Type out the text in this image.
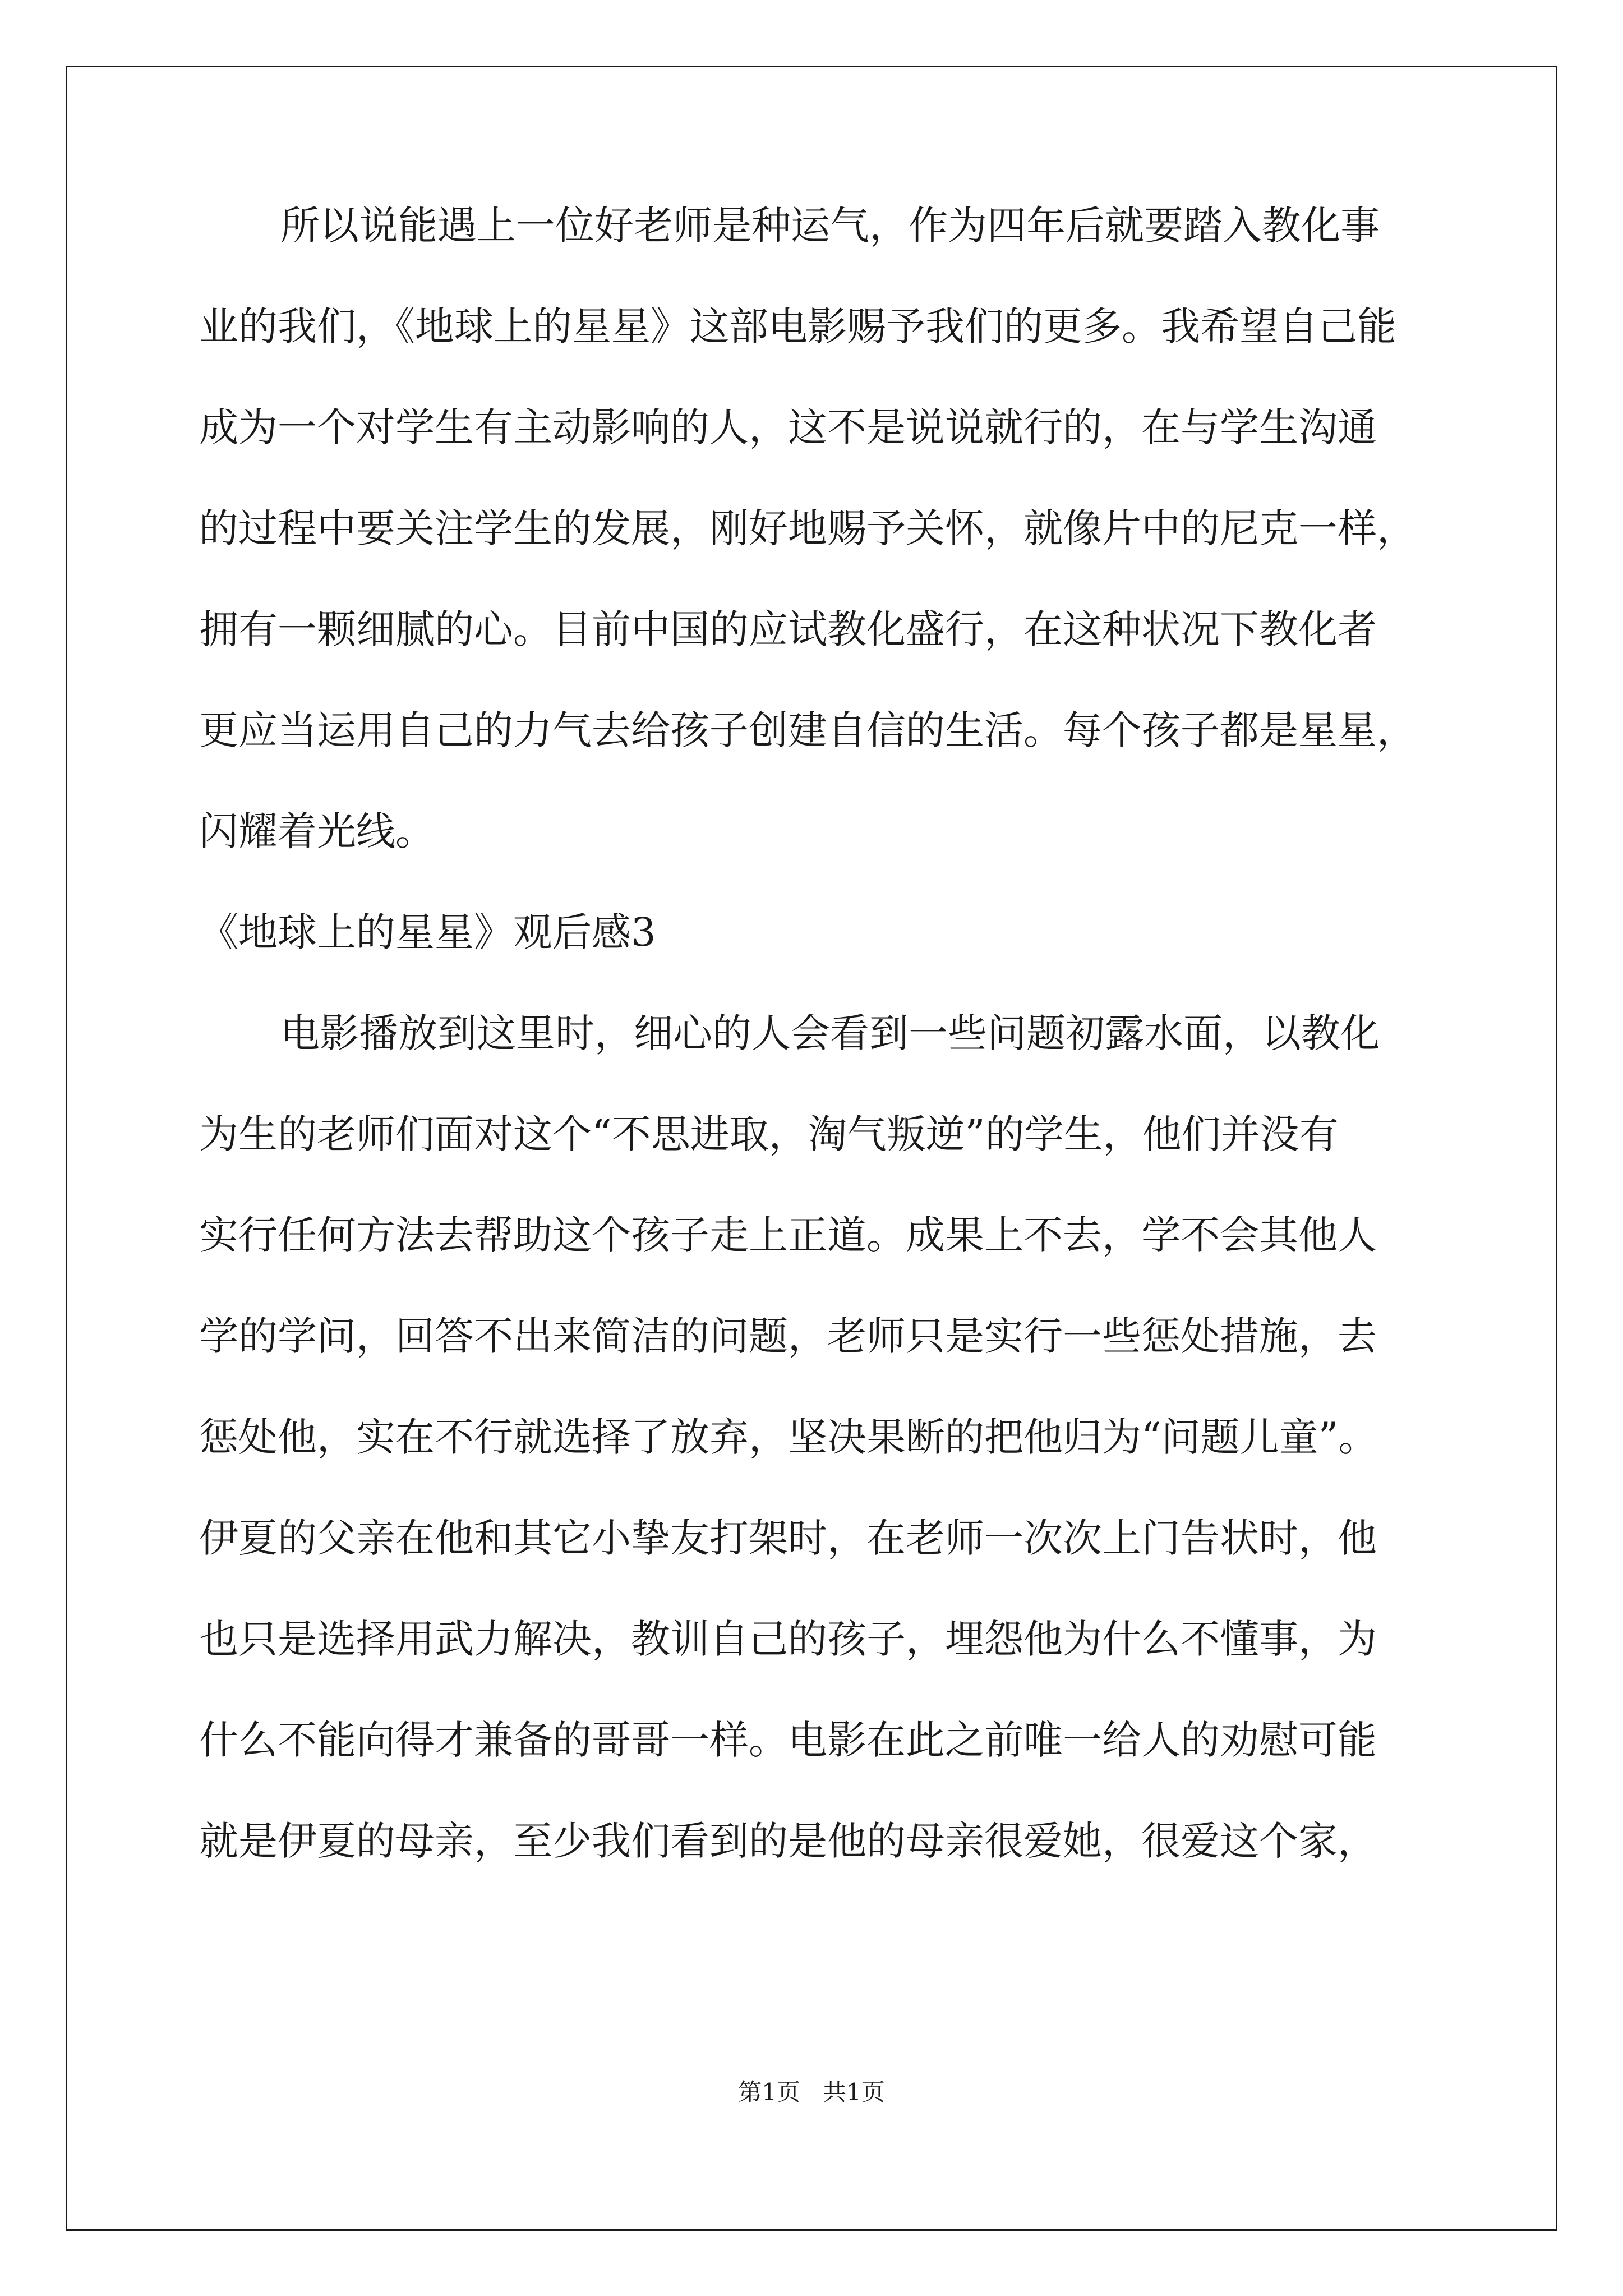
所以说能遇上一位好老师是种运气，作为四年后就要踏入教化事
业的我们，《地球上的星星》这部电影赐予我们的更多。我希望自己能
成为一个对学生有主动影响的人，这不是说说就行的，在与学生沟通
的过程中要关注学生的发展，刚好地赐予关怀，就像片中的尼克一样，
拥有一颗细腻的心。目前中国的应试教化盛行，在这种状况下教化者
更应当运用自己的力气去给孩子创建自信的生活。每个孩子都是星星，
闪耀着光线。
《地球上的星星》观后感3
电影播放到这里时，细心的人会看到一些问题初露水面，以教化
为生的老师们面对这个“不思进取，淘气叛逆”的学生，他们并没有
实行任何方法去帮助这个孩子走上正道。成果上不去，学不会其他人
学的学问，回答不出来简洁的问题，老师只是实行一些惩处措施，去
惩处他，实在不行就选择了放弃，坚决果断的把他归为“问题儿童”。
伊夏的父亲在他和其它小挚友打架时，在老师一次次上门告状时，他
也只是选择用武力解决，教训自己的孩子，埋怨他为什么不懂事，为
什么不能向得才兼备的哥哥一样。电影在此之前唯一给人的劝慰可能
就是伊夏的母亲，至少我们看到的是他的母亲很爱她，很爱这个家，
第1页   共1页
